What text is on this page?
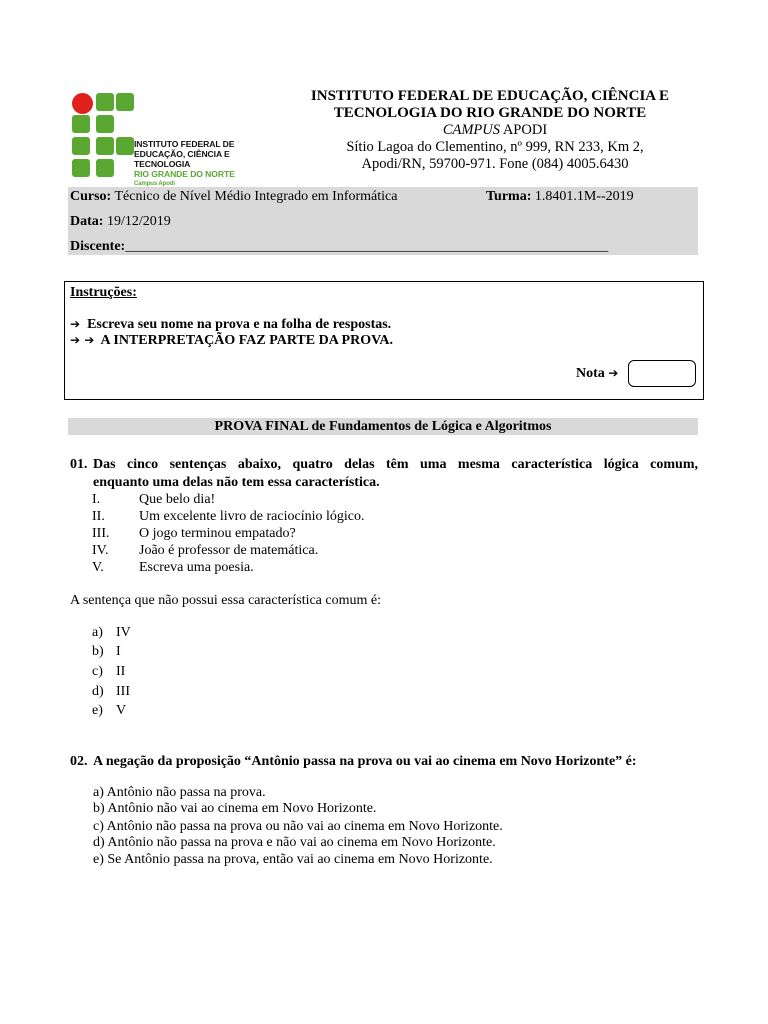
INSTITUTO FEDERAL DE
EDUCAÇÃO, CIÊNCIA E TECNOLOGIA
RIO GRANDE DO NORTE
Campus Apodi
INSTITUTO FEDERAL DE EDUCAÇÃO, CIÊNCIA E
TECNOLOGIA DO RIO GRANDE DO NORTE
CAMPUS APODI
Sítio Lagoa do Clementino, nº 999, RN 233, Km 2,
Apodi/RN, 59700-971. Fone (084) 4005.6430
Curso: Técnico de Nível Médio Integrado em Informática	Turma: 1.8401.1M--2019
Data: 19/12/2019
Discente:_____________________________________________________________________
Instruções:
➔ Escreva seu nome na prova e na folha de respostas.
➔ ➔ A INTERPRETAÇÃO FAZ PARTE DA PROVA.
Nota ➔
PROVA FINAL de Fundamentos de Lógica e Algoritmos
01. Das cinco sentenças abaixo, quatro delas têm uma mesma característica lógica comum,
enquanto uma delas não tem essa característica.
I.	Que belo dia!
II. Um excelente livro de raciocínio lógico.
III. O jogo terminou empatado?
IV. João é professor de matemática.
V.	Escreva uma poesia.
A sentença que não possui essa característica comum é:
a) IV
b) I
c) II
d) III
e) V
02. A negação da proposição “Antônio passa na prova ou vai ao cinema em Novo Horizonte” é:
a) Antônio não passa na prova.
b) Antônio não vai ao cinema em Novo Horizonte.
c) Antônio não passa na prova ou não vai ao cinema em Novo Horizonte.
d) Antônio não passa na prova e não vai ao cinema em Novo Horizonte.
e) Se Antônio passa na prova, então vai ao cinema em Novo Horizonte.
